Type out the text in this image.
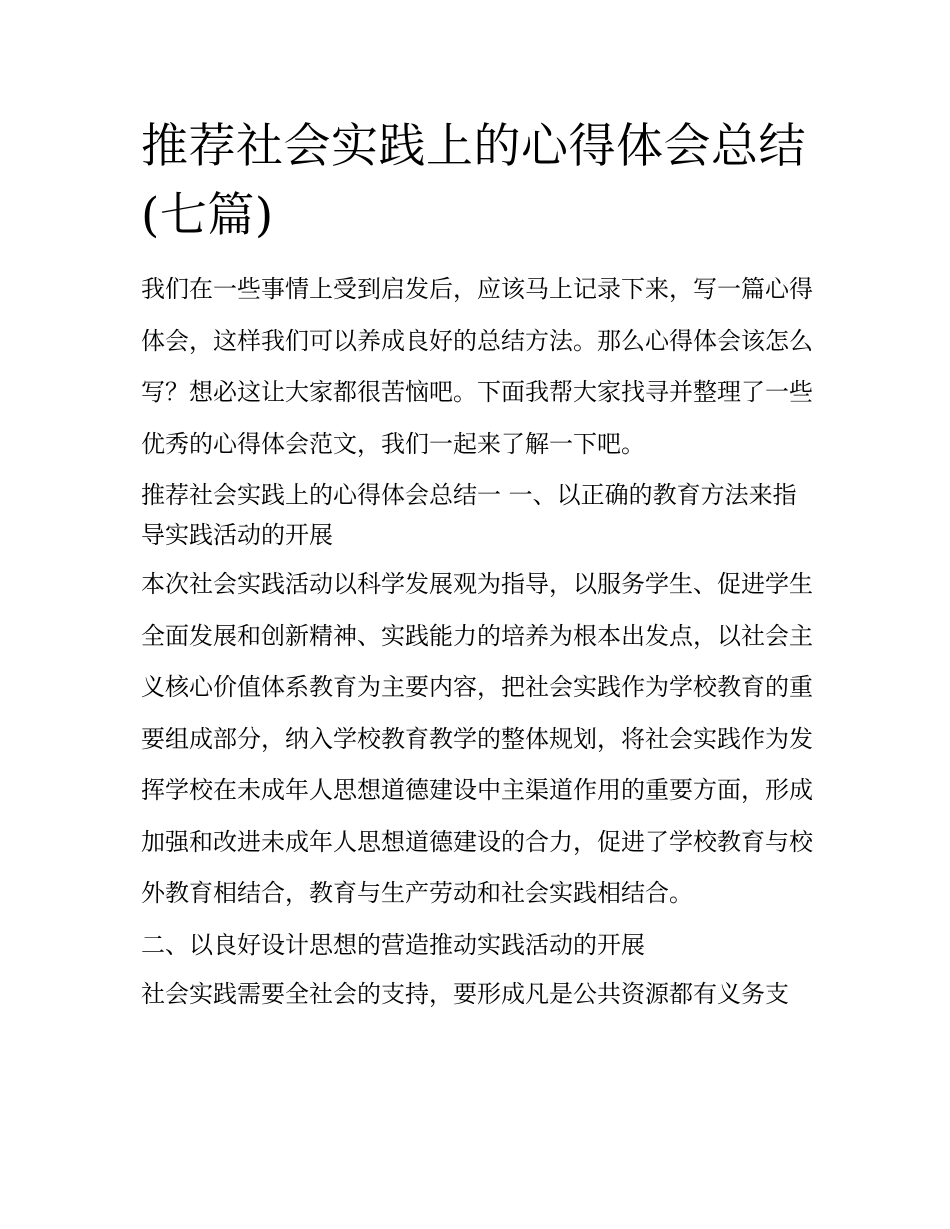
推荐社会实践上的心得体会总结(七篇)

我们在一些事情上受到启发后，应该马上记录下来，写一篇心得体会，这样我们可以养成良好的总结方法。那么心得体会该怎么写？想必这让大家都很苦恼吧。下面我帮大家找寻并整理了一些优秀的心得体会范文，我们一起来了解一下吧。

推荐社会实践上的心得体会总结一 一、以正确的教育方法来指导实践活动的开展

本次社会实践活动以科学发展观为指导，以服务学生、促进学生全面发展和创新精神、实践能力的培养为根本出发点，以社会主义核心价值体系教育为主要内容，把社会实践作为学校教育的重要组成部分，纳入学校教育教学的整体规划，将社会实践作为发挥学校在未成年人思想道德建设中主渠道作用的重要方面，形成加强和改进未成年人思想道德建设的合力，促进了学校教育与校外教育相结合，教育与生产劳动和社会实践相结合。

二、以良好设计思想的营造推动实践活动的开展

社会实践需要全社会的支持，要形成凡是公共资源都有义务支
